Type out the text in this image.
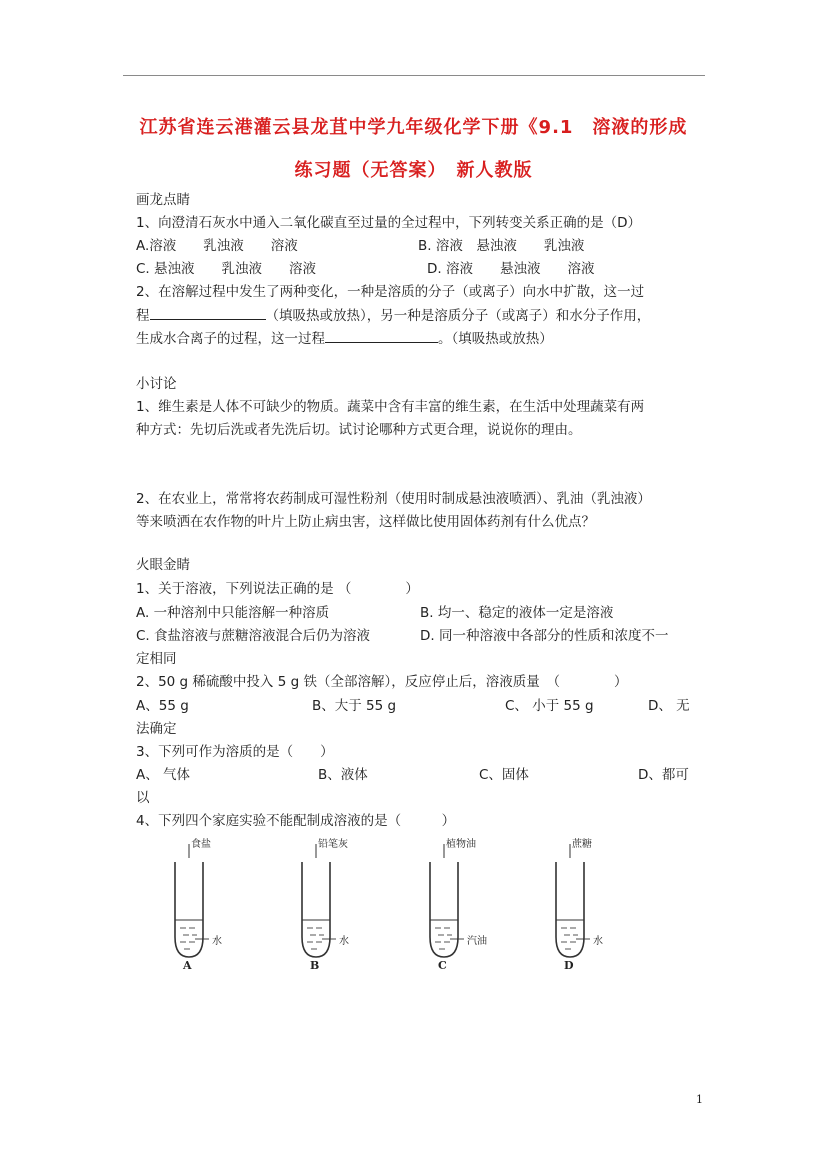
江苏省连云港灌云县龙苴中学九年级化学下册《9.1　溶液的形成
练习题（无答案）　新人教版
画龙点睛
1、向澄清石灰水中通入二氧化碳直至过量的全过程中，下列转变关系正确的是（D）
A.溶液　　乳浊液　　溶液	B. 溶液　悬浊液　　乳浊液
C. 悬浊液　　乳浊液　　溶液	D. 溶液　　悬浊液　　溶液
2、在溶解过程中发生了两种变化，一种是溶质的分子（或离子）向水中扩散，这一过
程	（填吸热或放热），另一种是溶质分子（或离子）和水分子作用，
生成水合离子的过程，这一过程	。（填吸热或放热）
小讨论
1、维生素是人体不可缺少的物质。蔬菜中含有丰富的维生素，在生活中处理蔬菜有两
种方式：先切后洗或者先洗后切。试讨论哪种方式更合理，说说你的理由。
2、在农业上，常常将农药制成可湿性粉剂（使用时制成悬浊液喷洒）、乳油（乳浊液）
等来喷洒在农作物的叶片上防止病虫害，这样做比使用固体药剂有什么优点？
火眼金睛
1、关于溶液，下列说法正确的是 （　　　　）
A. 一种溶剂中只能溶解一种溶质	B. 均一、稳定的液体一定是溶液
C. 食盐溶液与蔗糖溶液混合后仍为溶液	D. 同一种溶液中各部分的性质和浓度不一
定相同
2、50 g 稀硫酸中投入 5 g 铁（全部溶解），反应停止后，溶液质量　（　　　　）
A、55 g	B、大于 55 g	C、 小于 55 g	D、 无
法确定
3、下列可作为溶质的是（　　）
A、 气体	B、液体	C、固体	D、都可
以
4、下列四个家庭实验不能配制成溶液的是（　　　）
食盐
水
A
铅笔灰
水
B
植物油
汽油
C
蔗糖
水
D
1
